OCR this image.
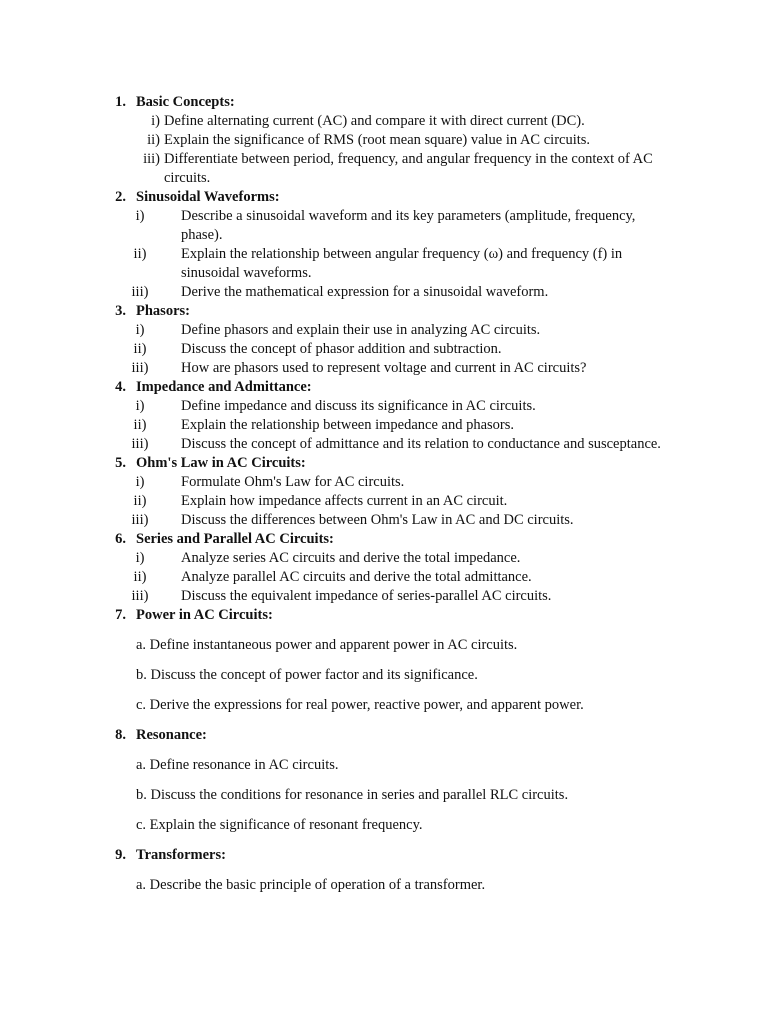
1. Basic Concepts:
i) Define alternating current (AC) and compare it with direct current (DC).
ii) Explain the significance of RMS (root mean square) value in AC circuits.
iii) Differentiate between period, frequency, and angular frequency in the context of AC circuits.
2. Sinusoidal Waveforms:
i)	Describe a sinusoidal waveform and its key parameters (amplitude, frequency, phase).
ii)	Explain the relationship between angular frequency (ω) and frequency (f) in sinusoidal waveforms.
iii)	Derive the mathematical expression for a sinusoidal waveform.
3. Phasors:
i)	Define phasors and explain their use in analyzing AC circuits.
ii)	Discuss the concept of phasor addition and subtraction.
iii)	How are phasors used to represent voltage and current in AC circuits?
4. Impedance and Admittance:
i)	Define impedance and discuss its significance in AC circuits.
ii)	Explain the relationship between impedance and phasors.
iii)	Discuss the concept of admittance and its relation to conductance and susceptance.
5. Ohm's Law in AC Circuits:
i)	Formulate Ohm's Law for AC circuits.
ii)	Explain how impedance affects current in an AC circuit.
iii)	Discuss the differences between Ohm's Law in AC and DC circuits.
6. Series and Parallel AC Circuits:
i)	Analyze series AC circuits and derive the total impedance.
ii)	Analyze parallel AC circuits and derive the total admittance.
iii)	Discuss the equivalent impedance of series-parallel AC circuits.
7. Power in AC Circuits:
a. Define instantaneous power and apparent power in AC circuits.
b. Discuss the concept of power factor and its significance.
c. Derive the expressions for real power, reactive power, and apparent power.
8. Resonance:
a. Define resonance in AC circuits.
b. Discuss the conditions for resonance in series and parallel RLC circuits.
c. Explain the significance of resonant frequency.
9. Transformers:
a. Describe the basic principle of operation of a transformer.
